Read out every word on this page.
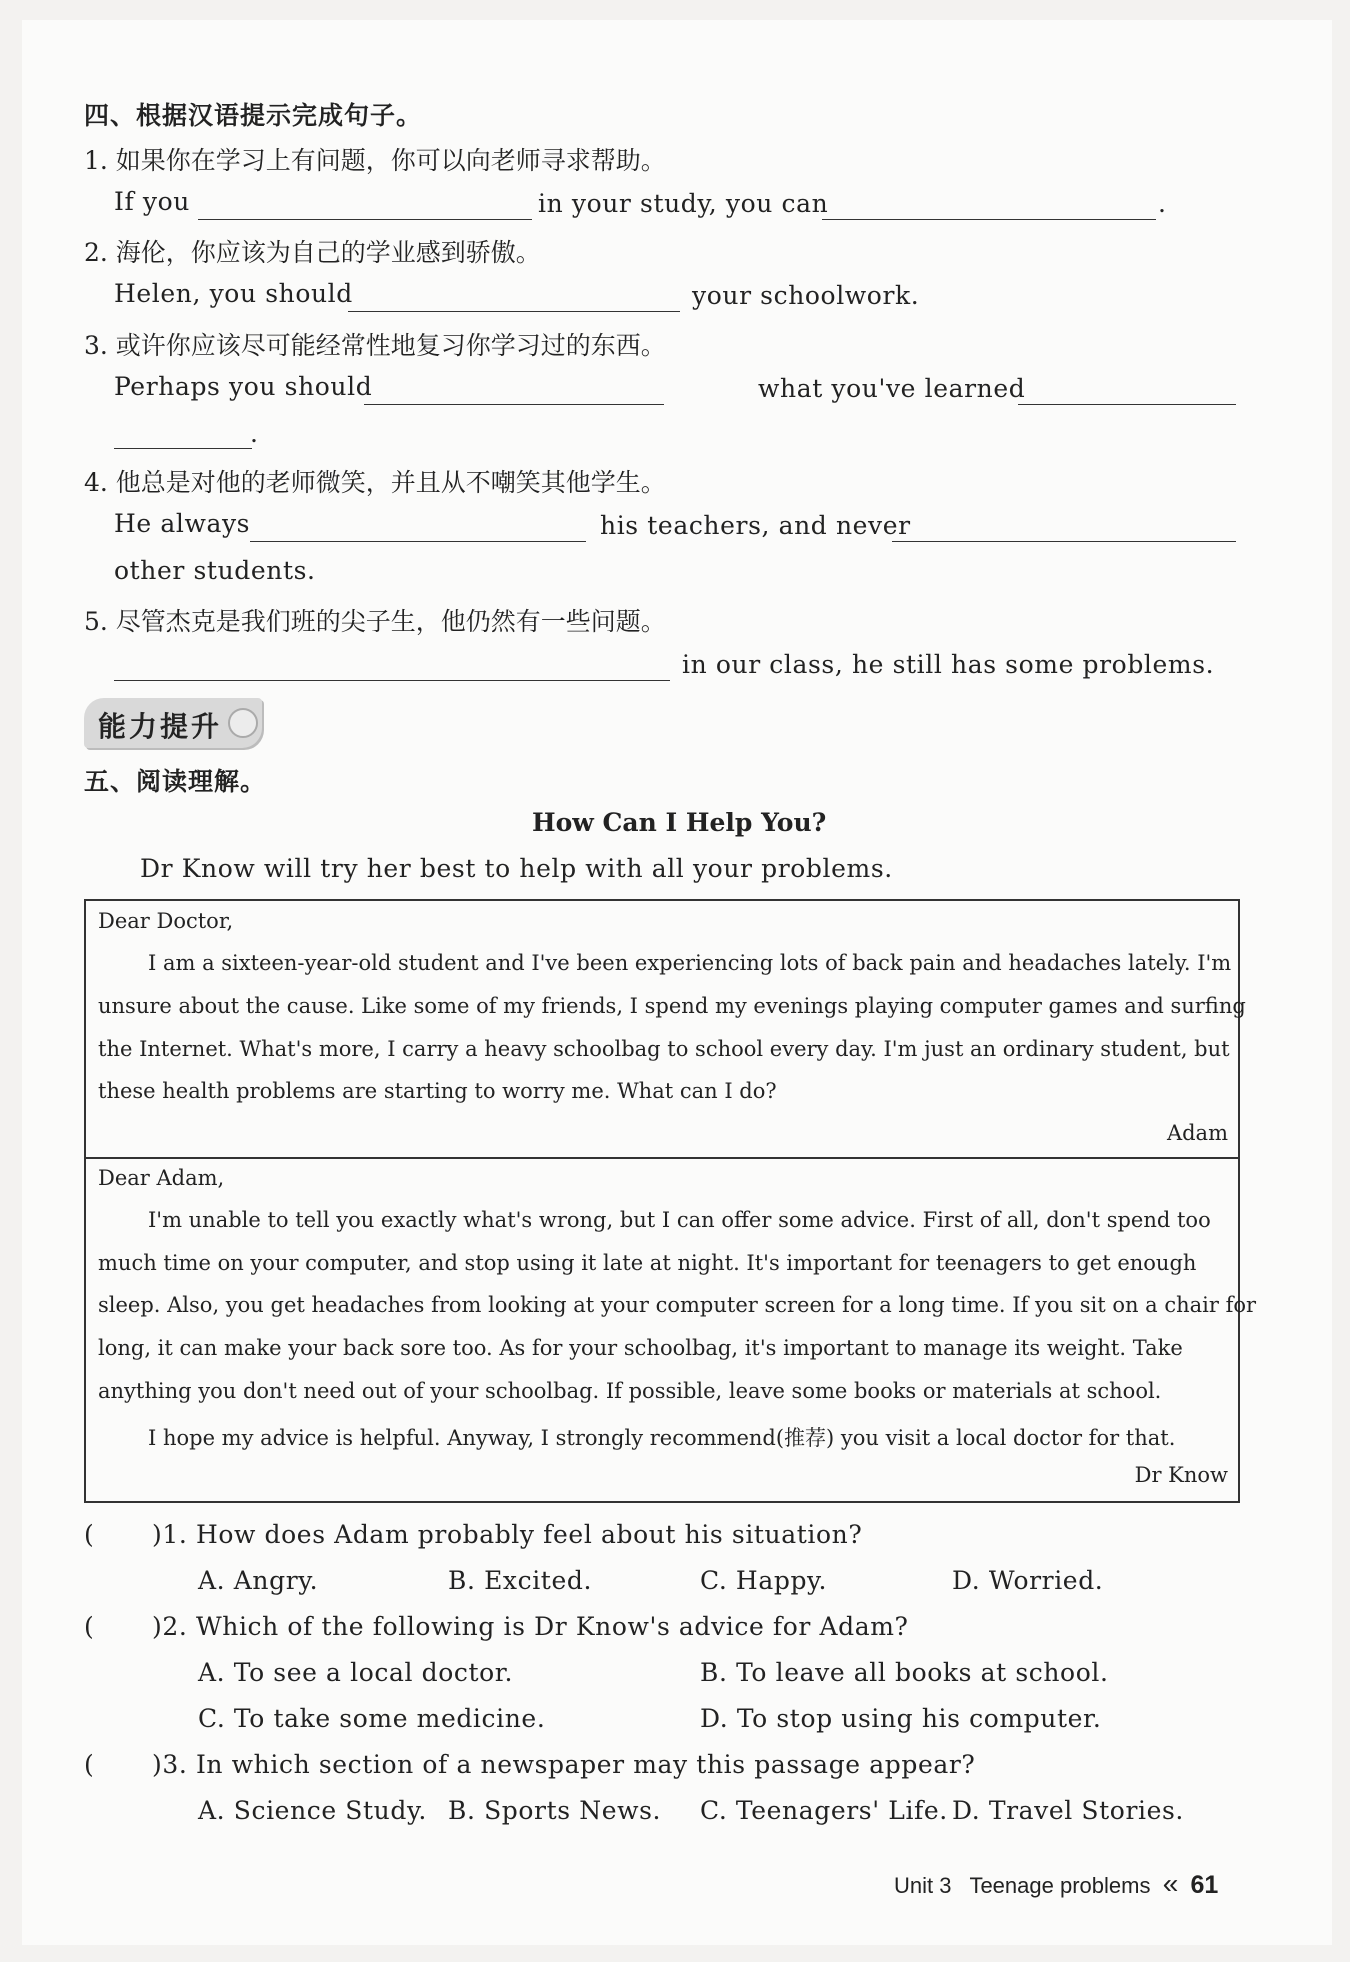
四、根据汉语提示完成句子。
1. 如果你在学习上有问题，你可以向老师寻求帮助。
If you	in your study, you can	.
2. 海伦，你应该为自己的学业感到骄傲。
Helen, you should	your schoolwork.
3. 或许你应该尽可能经常性地复习你学习过的东西。
Perhaps you should	what you've learned
.
4. 他总是对他的老师微笑，并且从不嘲笑其他学生。
He always	his teachers, and never
other students.
5. 尽管杰克是我们班的尖子生，他仍然有一些问题。
in our class, he still has some problems.
能力提升
五、阅读理解。
How Can I Help You?
Dr Know will try her best to help with all your problems.
Dear Doctor,
I am a sixteen-year-old student and I've been experiencing lots of back pain and headaches lately. I'm
unsure about the cause. Like some of my friends, I spend my evenings playing computer games and surfing
the Internet. What's more, I carry a heavy schoolbag to school every day. I'm just an ordinary student, but
these health problems are starting to worry me. What can I do?
Adam
Dear Adam,
I'm unable to tell you exactly what's wrong, but I can offer some advice. First of all, don't spend too
much time on your computer, and stop using it late at night. It's important for teenagers to get enough
sleep. Also, you get headaches from looking at your computer screen for a long time. If you sit on a chair for
long, it can make your back sore too. As for your schoolbag, it's important to manage its weight. Take
anything you don't need out of your schoolbag. If possible, leave some books or materials at school.
I hope my advice is helpful. Anyway, I strongly recommend(推荐) you visit a local doctor for that.
Dr Know
( )1. How does Adam probably feel about his situation?
A. Angry.	B. Excited.	C. Happy.	D. Worried.
( )2. Which of the following is Dr Know's advice for Adam?
A. To see a local doctor.	B. To leave all books at school.
C. To take some medicine.	D. To stop using his computer.
( )3. In which section of a newspaper may this passage appear?
A. Science Study. B. Sports News. C. Teenagers' Life. D. Travel Stories.
Unit 3 Teenage problems « 61
